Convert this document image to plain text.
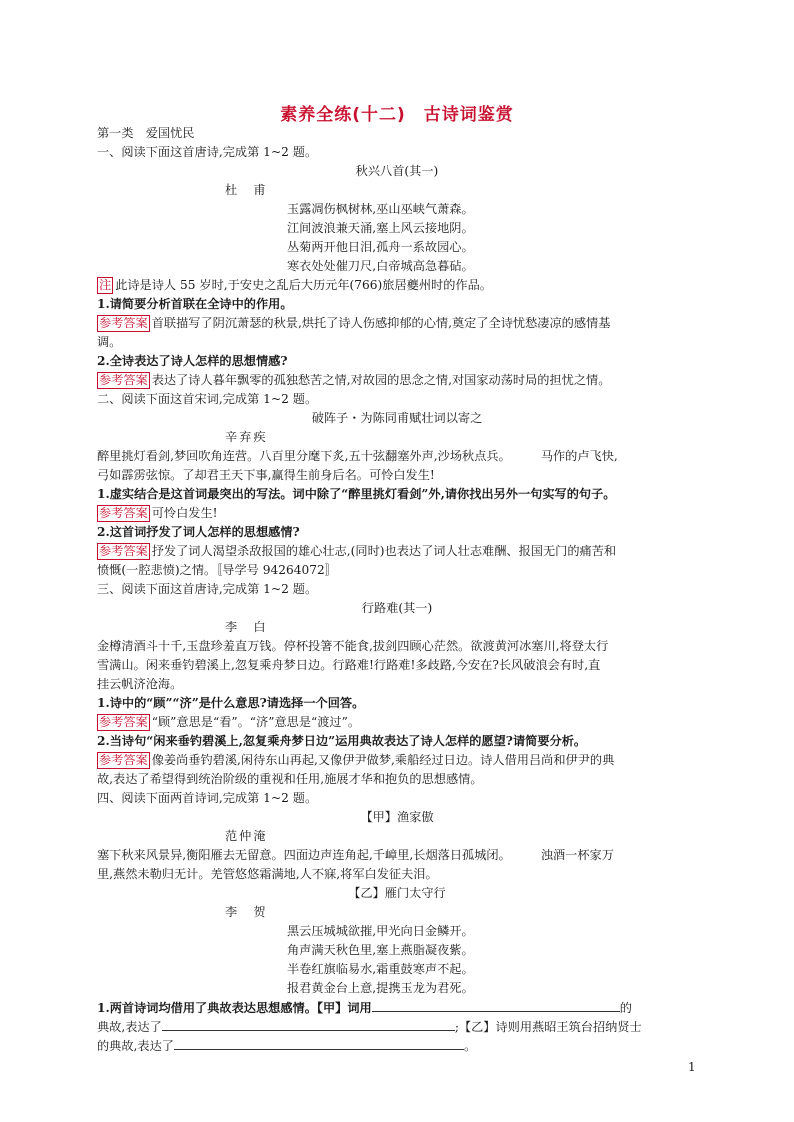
素养全练(十二)　古诗词鉴赏
第一类　爱国忧民
一、阅读下面这首唐诗,完成第 1~2 题。
秋兴八首(其一)
杜　甫
玉露凋伤枫树林,巫山巫峡气萧森。
江间波浪兼天涌,塞上风云接地阴。
丛菊两开他日泪,孤舟一系故园心。
寒衣处处催刀尺,白帝城高急暮砧。
注 此诗是诗人 55 岁时,于安史之乱后大历元年(766)旅居夔州时的作品。
1.请简要分析首联在全诗中的作用。
参考答案 首联描写了阴沉萧瑟的秋景,烘托了诗人伤感抑郁的心情,奠定了全诗忧愁凄凉的感情基
调。
2.全诗表达了诗人怎样的思想情感?
参考答案 表达了诗人暮年飘零的孤独愁苦之情,对故园的思念之情,对国家动荡时局的担忧之情。
二、阅读下面这首宋词,完成第 1~2 题。
破阵子・为陈同甫赋壮词以寄之
辛弃疾
醉里挑灯看剑,梦回吹角连营。八百里分麾下炙,五十弦翻塞外声,沙场秋点兵。 马作的卢飞快,
弓如霹雳弦惊。了却君王天下事,赢得生前身后名。可怜白发生!
1.虚实结合是这首词最突出的写法。词中除了“醉里挑灯看剑”外,请你找出另外一句实写的句子。
参考答案 可怜白发生!
2.这首词抒发了词人怎样的思想感情?
参考答案 抒发了词人渴望杀敌报国的雄心壮志,(同时)也表达了词人壮志难酬、报国无门的痛苦和
愤慨(一腔悲愤)之情。〚导学号 94264072〛
三、阅读下面这首唐诗,完成第 1~2 题。
行路难(其一)
李　白
金樽清酒斗十千,玉盘珍羞直万钱。停杯投箸不能食,拔剑四顾心茫然。欲渡黄河冰塞川,将登太行
雪满山。闲来垂钓碧溪上,忽复乘舟梦日边。行路难!行路难!多歧路,今安在?长风破浪会有时,直
挂云帆济沧海。
1.诗中的“顾”“济”是什么意思?请选择一个回答。
参考答案 “顾”意思是“看”。“济”意思是“渡过”。
2.当诗句“闲来垂钓碧溪上,忽复乘舟梦日边”运用典故表达了诗人怎样的愿望?请简要分析。
参考答案 像姜尚垂钓碧溪,闲待东山再起,又像伊尹做梦,乘船经过日边。诗人借用吕尚和伊尹的典
故,表达了希望得到统治阶级的重视和任用,施展才华和抱负的思想感情。
四、阅读下面两首诗词,完成第 1~2 题。
【甲】渔家傲
范仲淹
塞下秋来风景异,衡阳雁去无留意。四面边声连角起,千嶂里,长烟落日孤城闭。 浊酒一杯家万
里,燕然未勒归无计。羌管悠悠霜满地,人不寐,将军白发征夫泪。
【乙】雁门太守行
李　贺
黑云压城城欲摧,甲光向日金鳞开。
角声满天秋色里,塞上燕脂凝夜紫。
半卷红旗临易水,霜重鼓寒声不起。
报君黄金台上意,提携玉龙为君死。
1.两首诗词均借用了典故表达思想感情。【甲】词用	的
典故,表达了	;【乙】诗则用燕昭王筑台招纳贤士
的典故,表达了	。
1
